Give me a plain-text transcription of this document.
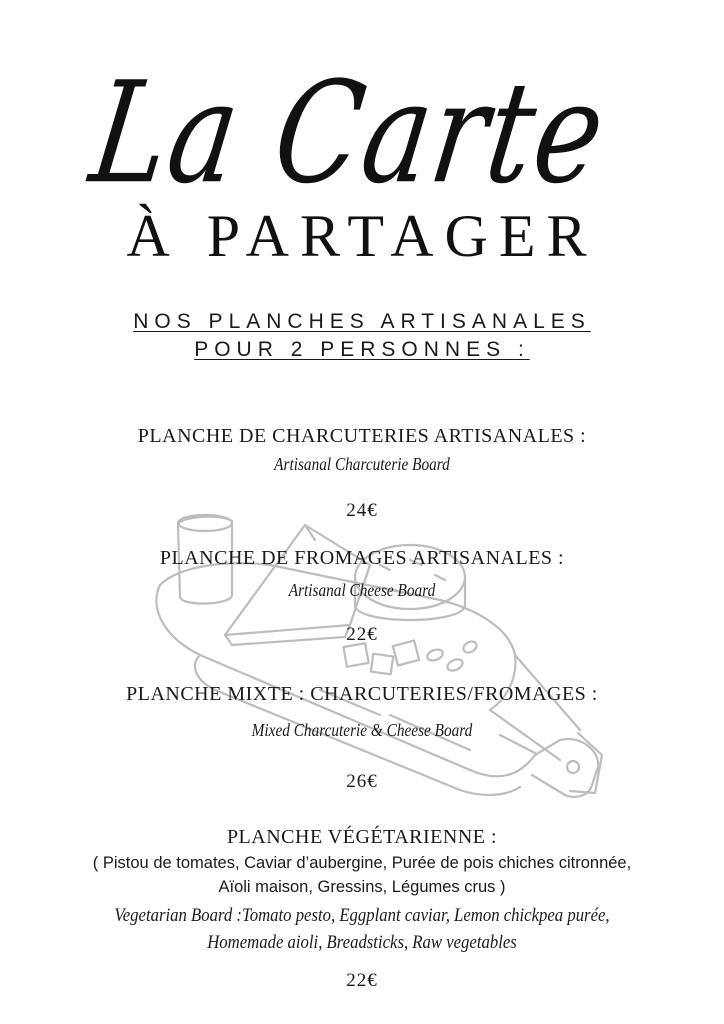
La Carte
À PARTAGER
NOS PLANCHES ARTISANALES
POUR 2 PERSONNES :
PLANCHE DE CHARCUTERIES ARTISANALES :
Artisanal Charcuterie Board
24€
PLANCHE DE FROMAGES ARTISANALES :
Artisanal Cheese Board
22€
PLANCHE MIXTE : CHARCUTERIES/FROMAGES :
Mixed Charcuterie & Cheese Board
26€
PLANCHE VÉGÉTARIENNE :
( Pistou de tomates, Caviar d’aubergine, Purée de pois chiches citronnée,
Aïoli maison, Gressins, Légumes crus )
Vegetarian Board :Tomato pesto, Eggplant caviar, Lemon chickpea purée,
Homemade aioli, Breadsticks, Raw vegetables
22€
